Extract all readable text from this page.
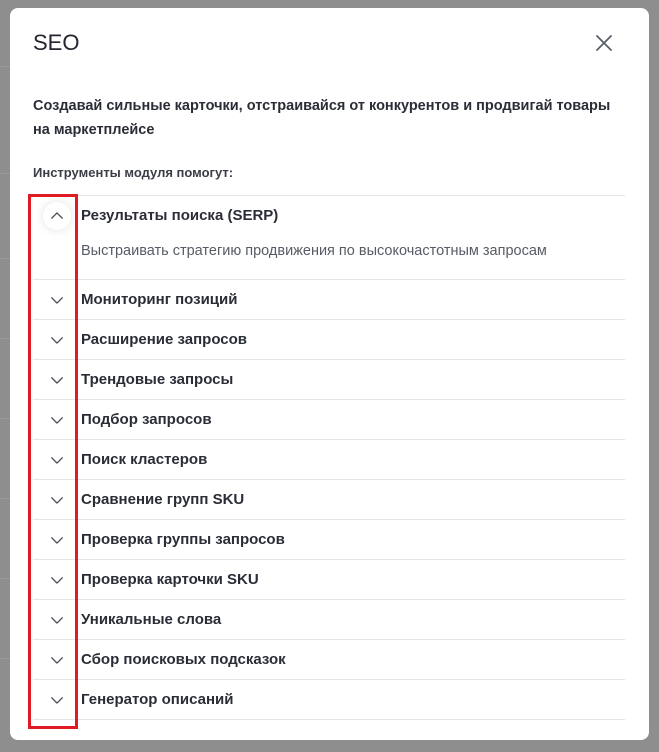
SEO
Создавай сильные карточки, отстраивайся от конкурентов и продвигай товары на маркетплейсе
Инструменты модуля помогут:
Результаты поиска (SERP)
Выстраивать стратегию продвижения по высокочастотным запросам
Мониторинг позиций
Расширение запросов
Трендовые запросы
Подбор запросов
Поиск кластеров
Сравнение групп SKU
Проверка группы запросов
Проверка карточки SKU
Уникальные слова
Сбор поисковых подсказок
Генератор описаний
